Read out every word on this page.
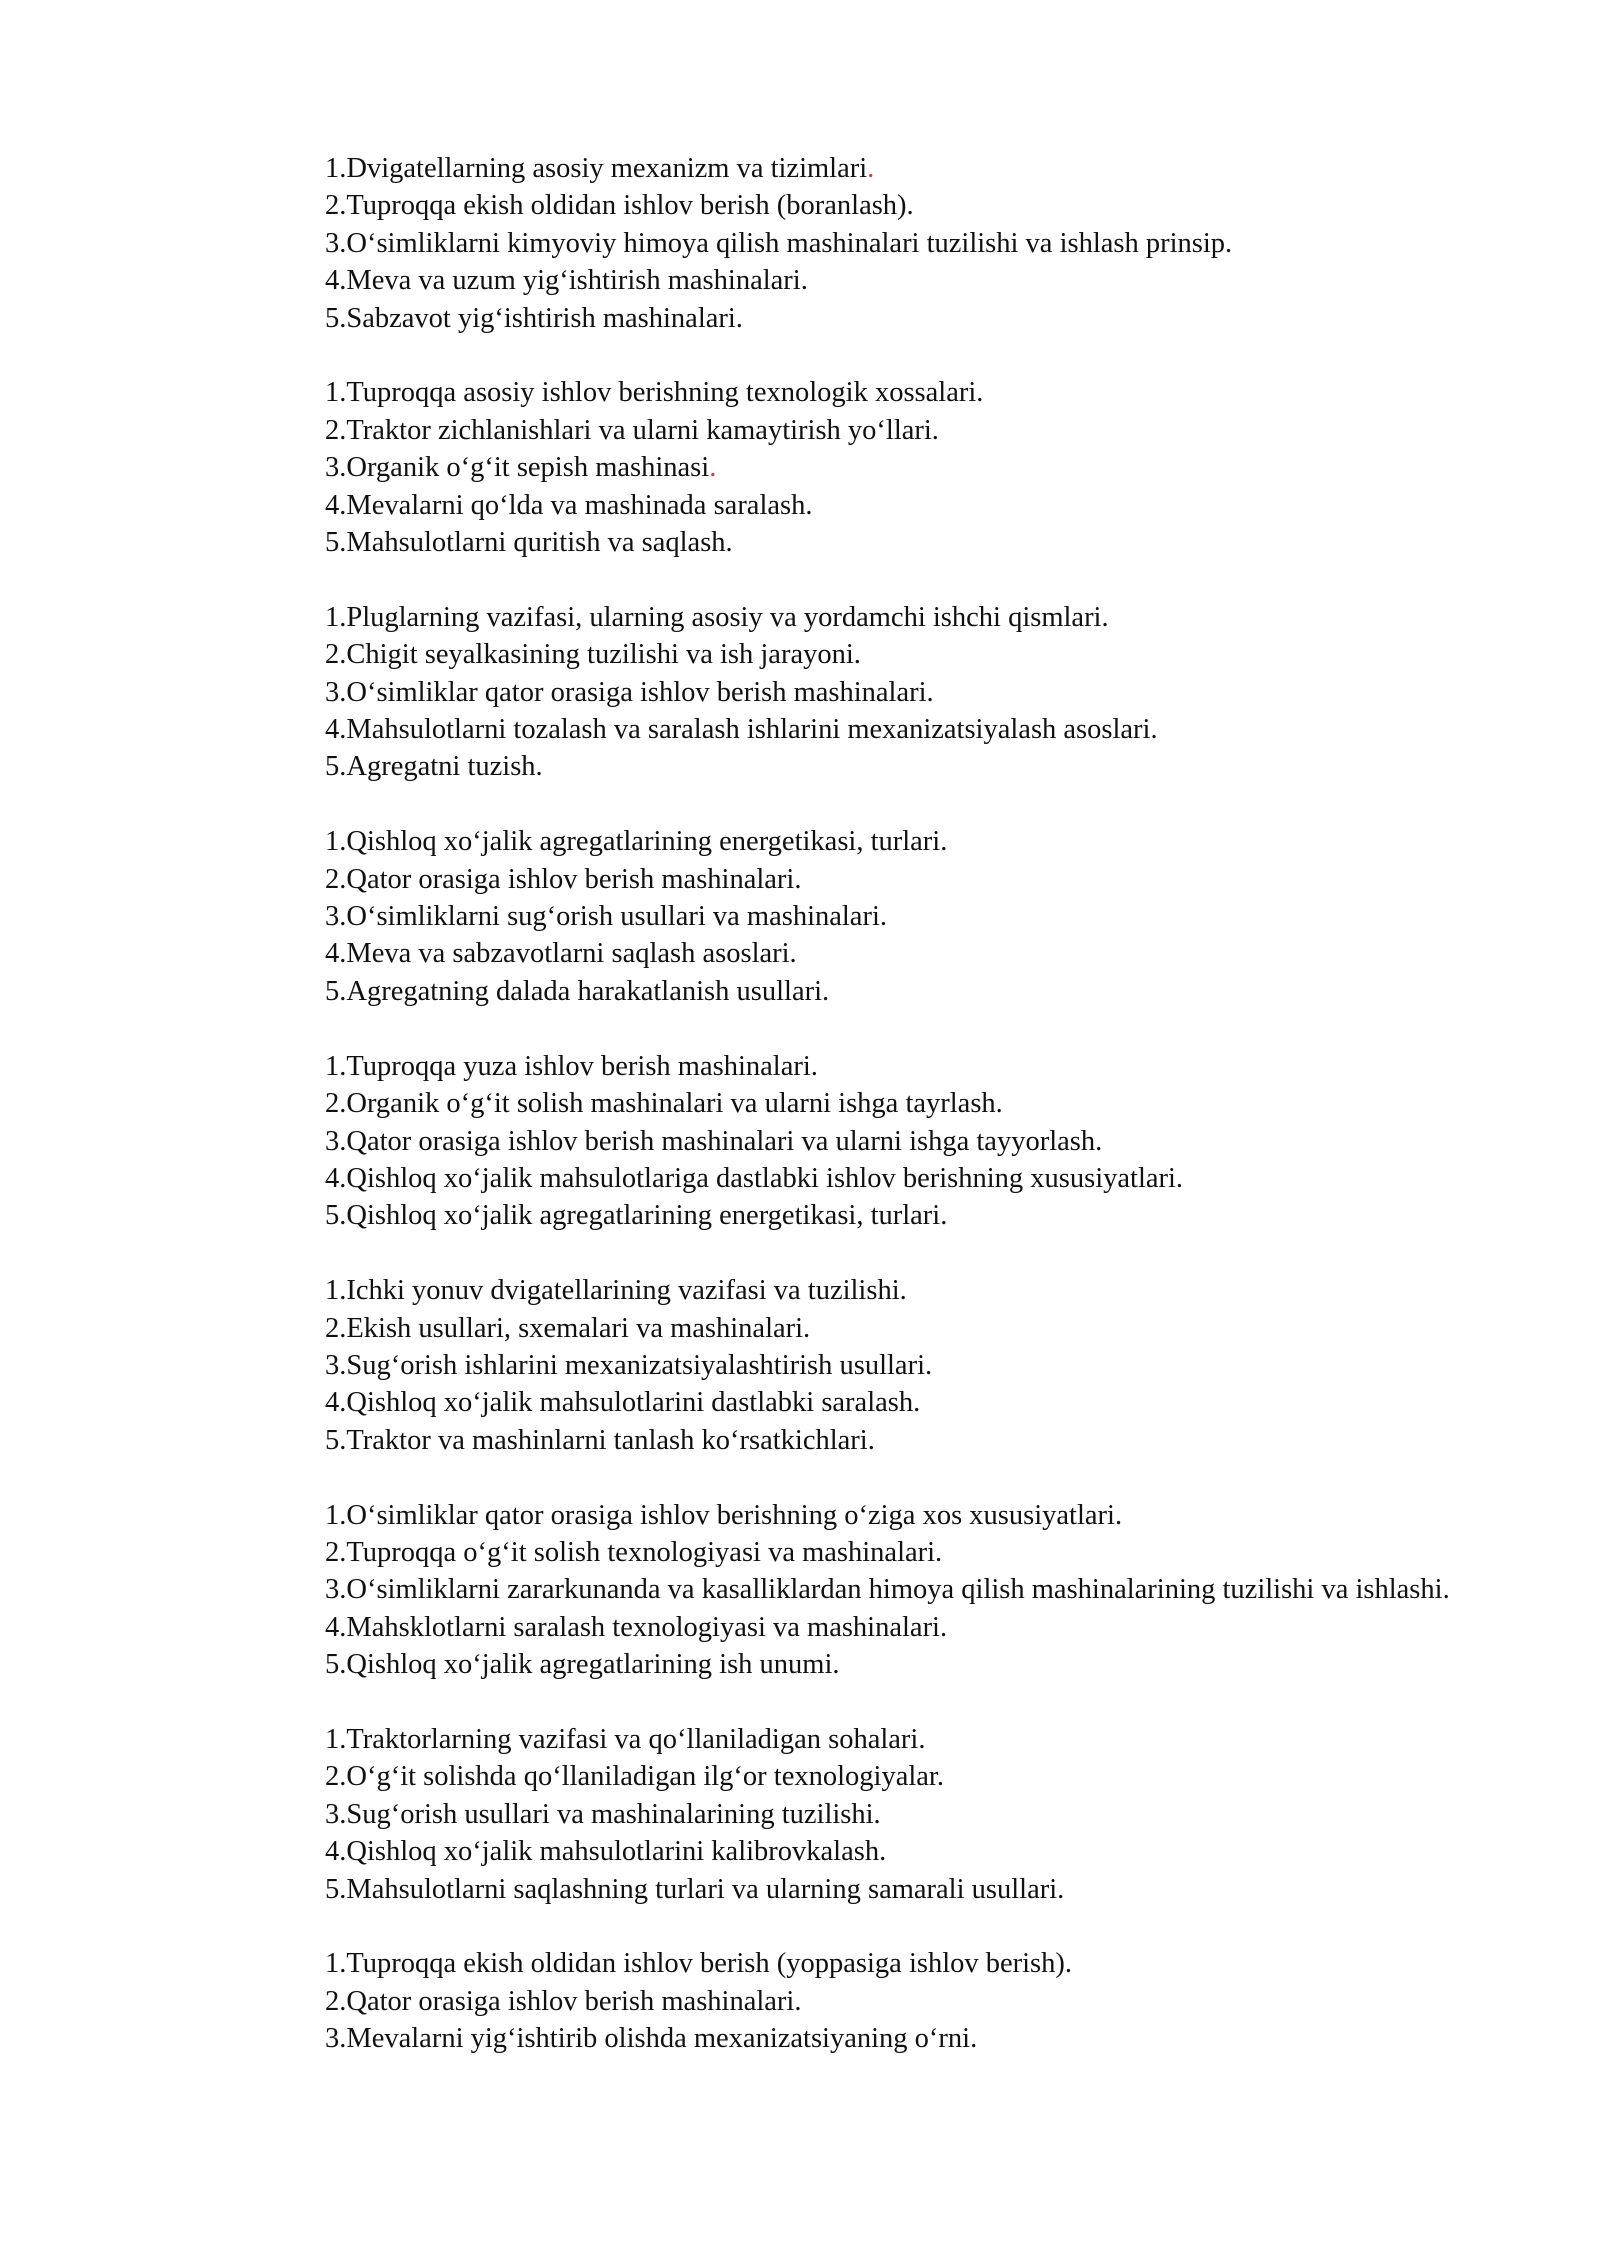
1.Dvigatellarning asosiy mexanizm va tizimlari.
2.Tuproqqa ekish oldidan ishlov berish (boranlash).
3.O‘simliklarni kimyoviy himoya qilish mashinalari tuzilishi va ishlash prinsip.
4.Meva va uzum yig‘ishtirish mashinalari.
5.Sabzavot yig‘ishtirish mashinalari.
1.Tuproqqa asosiy ishlov berishning texnologik xossalari.
2.Traktor zichlanishlari va ularni kamaytirish yo‘llari.
3.Organik o‘g‘it sepish mashinasi.
4.Mevalarni qo‘lda va mashinada saralash.
5.Mahsulotlarni quritish va saqlash.
1.Pluglarning vazifasi, ularning asosiy va yordamchi ishchi qismlari.
2.Chigit seyalkasining tuzilishi va ish jarayoni.
3.O‘simliklar qator orasiga ishlov berish mashinalari.
4.Mahsulotlarni tozalash va saralash ishlarini mexanizatsiyalash asoslari.
5.Agregatni tuzish.
1.Qishloq xo‘jalik agregatlarining energetikasi, turlari.
2.Qator orasiga ishlov berish mashinalari.
3.O‘simliklarni sug‘orish usullari va mashinalari.
4.Meva va sabzavotlarni saqlash asoslari.
5.Agregatning dalada harakatlanish usullari.
1.Tuproqqa yuza ishlov berish mashinalari.
2.Organik o‘g‘it solish mashinalari va ularni ishga tayrlash.
3.Qator orasiga ishlov berish mashinalari va ularni ishga tayyorlash.
4.Qishloq xo‘jalik mahsulotlariga dastlabki ishlov berishning xususiyatlari.
5.Qishloq xo‘jalik agregatlarining energetikasi, turlari.
1.Ichki yonuv dvigatellarining vazifasi va tuzilishi.
2.Ekish usullari, sxemalari va mashinalari.
3.Sug‘orish ishlarini mexanizatsiyalashtirish usullari.
4.Qishloq xo‘jalik mahsulotlarini dastlabki saralash.
5.Traktor va mashinlarni tanlash ko‘rsatkichlari.
1.O‘simliklar qator orasiga ishlov berishning o‘ziga xos xususiyatlari.
2.Tuproqqa o‘g‘it solish texnologiyasi va mashinalari.
3.O‘simliklarni zararkunanda va kasalliklardan himoya qilish mashinalarining tuzilishi va ishlashi.
4.Mahsklotlarni saralash texnologiyasi va mashinalari.
5.Qishloq xo‘jalik agregatlarining ish unumi.
1.Traktorlarning vazifasi va qo‘llaniladigan sohalari.
2.O‘g‘it solishda qo‘llaniladigan ilg‘or texnologiyalar.
3.Sug‘orish usullari va mashinalarining tuzilishi.
4.Qishloq xo‘jalik mahsulotlarini kalibrovkalash.
5.Mahsulotlarni saqlashning turlari va ularning samarali usullari.
1.Tuproqqa ekish oldidan ishlov berish (yoppasiga ishlov berish).
2.Qator orasiga ishlov berish mashinalari.
3.Mevalarni yig‘ishtirib olishda mexanizatsiyaning o‘rni.
